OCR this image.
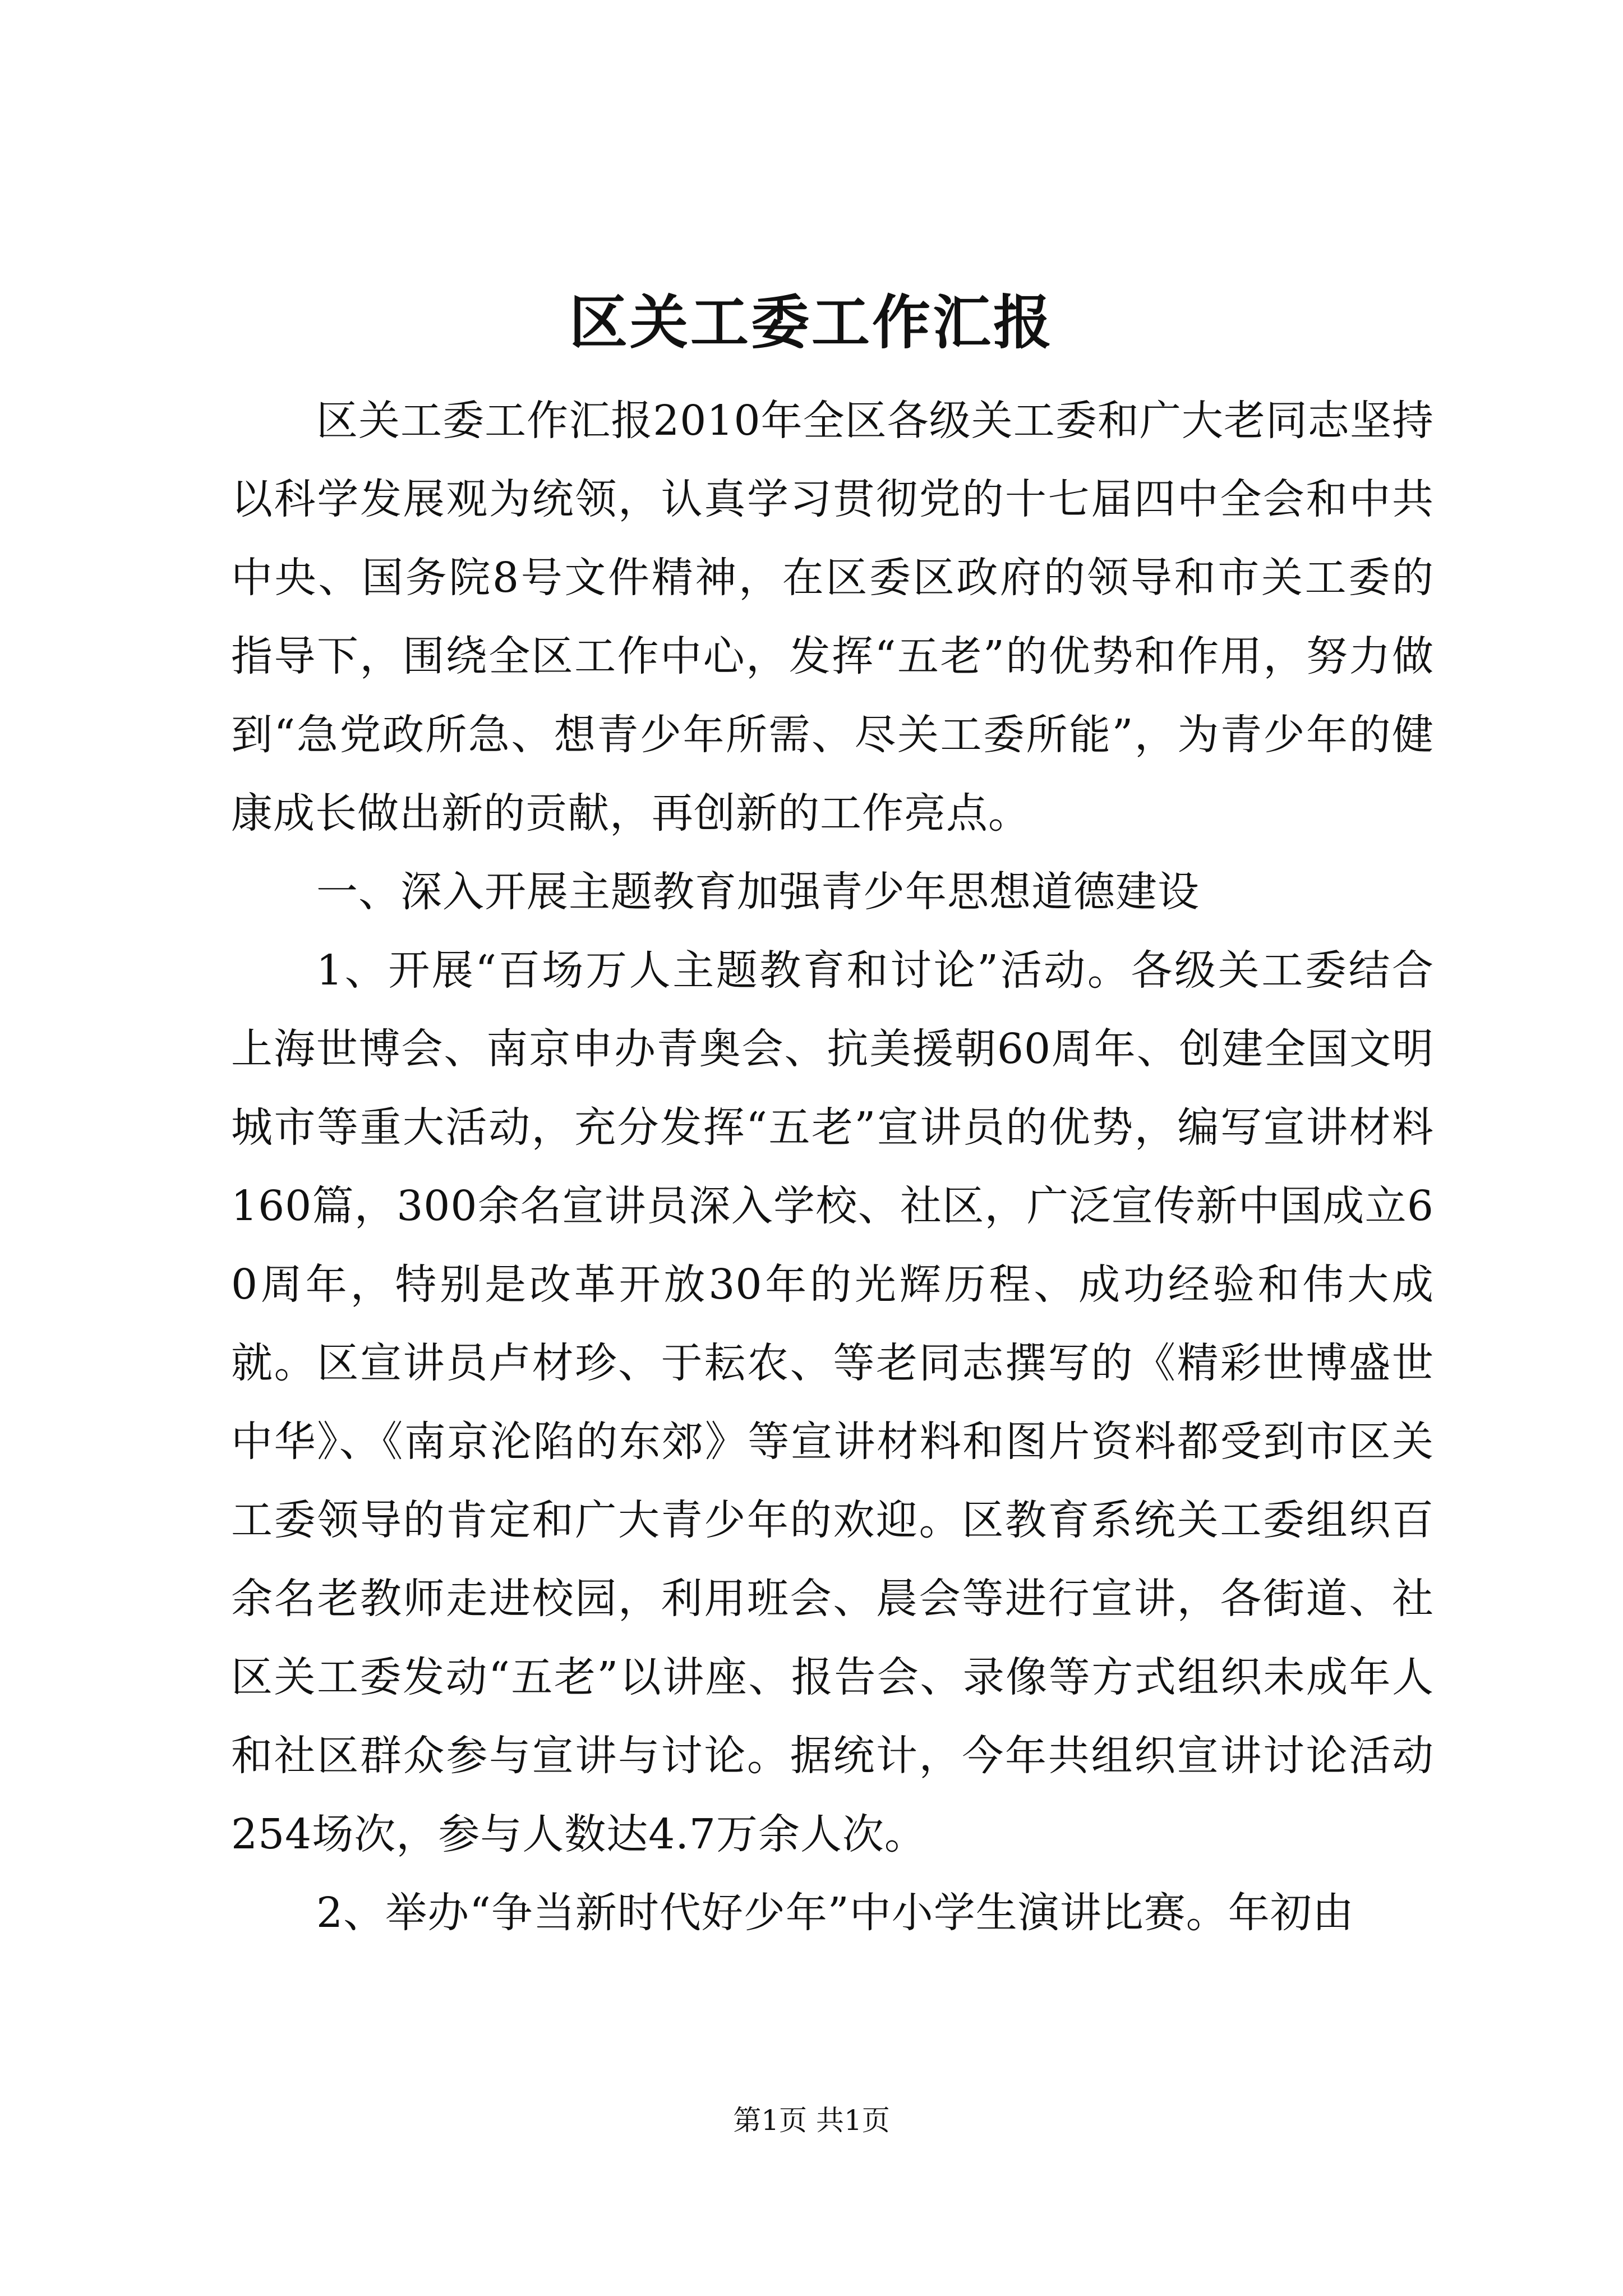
区关工委工作汇报

区关工委工作汇报2010年全区各级关工委和广大老同志坚持以科学发展观为统领，认真学习贯彻党的十七届四中全会和中共中央、国务院8号文件精神，在区委区政府的领导和市关工委的指导下，围绕全区工作中心，发挥“五老”的优势和作用，努力做到“急党政所急、想青少年所需、尽关工委所能”，为青少年的健康成长做出新的贡献，再创新的工作亮点。

一、深入开展主题教育加强青少年思想道德建设

1、开展“百场万人主题教育和讨论”活动。各级关工委结合上海世博会、南京申办青奥会、抗美援朝60周年、创建全国文明城市等重大活动，充分发挥“五老”宣讲员的优势，编写宣讲材料160篇，300余名宣讲员深入学校、社区，广泛宣传新中国成立60周年，特别是改革开放30年的光辉历程、成功经验和伟大成就。区宣讲员卢材珍、于耘农、等老同志撰写的《精彩世博盛世中华》、《南京沦陷的东郊》等宣讲材料和图片资料都受到市区关工委领导的肯定和广大青少年的欢迎。区教育系统关工委组织百余名老教师走进校园，利用班会、晨会等进行宣讲，各街道、社区关工委发动“五老”以讲座、报告会、录像等方式组织未成年人和社区群众参与宣讲与讨论。据统计，今年共组织宣讲讨论活动254场次，参与人数达4.7万余人次。

2、举办“争当新时代好少年”中小学生演讲比赛。年初由

第1页 共1页
